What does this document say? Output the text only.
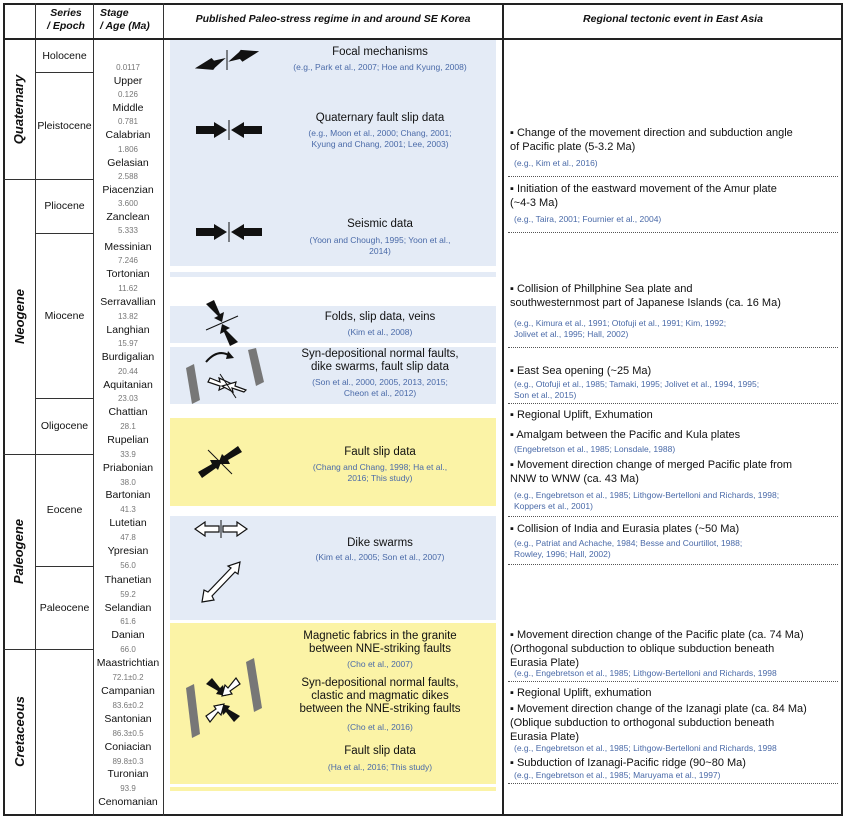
Series
/ Epoch
Stage
/ Age (Ma)
Published Paleo-stress regime in and around SE Korea	Regional tectonic event in East Asia
Quaternary
Neogene
Paleogene
Cretaceous
Holocene
Pleistocene
Pliocene
Miocene
Oligocene
Eocene
Paleocene
Upper
Middle
Calabrian
Gelasian
Piacenzian
Zanclean
Messinian
Tortonian
Serravallian
Langhian
Burdigalian
Aquitanian
Chattian
Rupelian
Priabonian
Bartonian
Lutetian
Ypresian
Thanetian
Selandian
Danian
Maastrichtian
Campanian
Santonian
Coniacian
Turonian
Cenomanian
0.0117
0.126
0.781
1.806
2.588
3.600
5.333
7.246
11.62
13.82
15.97
20.44
23.03
28.1
33.9
38.0
41.3
47.8
56.0
59.2
61.6
66.0
72.1±0.2
83.6±0.2
86.3±0.5
89.8±0.3
93.9
Focal mechanisms
(e.g., Park et al., 2007; Hoe and Kyung, 2008)
Quaternary fault slip data
(e.g., Moon et al., 2000; Chang, 2001;
Kyung and Chang, 2001; Lee, 2003)
Seismic data
(Yoon and Chough, 1995; Yoon et al.,
2014)
Folds, slip data, veins
(Kim et al., 2008)
Syn-depositional normal faults,
dike swarms, fault slip data
(Son et al., 2000, 2005, 2013, 2015;
Cheon et al., 2012)
Fault slip data
(Chang and Chang, 1998; Ha et al.,
2016; This study)
Dike swarms
(Kim et al., 2005; Son et al., 2007)
Magnetic fabrics in the granite
between NNE-striking faults
(Cho et al., 2007)
Syn-depositional normal faults,
clastic and magmatic dikes
between the NNE-striking faults
(Cho et al., 2016)
Fault slip data
(Ha et al., 2016; This study)
▪ Change of the movement direction and subduction angle
of Pacific plate (5-3.2 Ma)
(e.g., Kim et al., 2016)
▪ Initiation of the eastward movement of the Amur plate
(~4-3 Ma)
(e.g., Taira, 2001; Fournier et al., 2004)
▪ Collision of Phillphine Sea plate and
southwesternmost part of Japanese Islands (ca. 16 Ma)
(e.g., Kimura et al., 1991; Otofuji et al., 1991; Kim, 1992;
Jolivet et al., 1995; Hall, 2002)
▪ East Sea opening (~25 Ma)
(e.g., Otofuji et al., 1985; Tamaki, 1995; Jolivet et al., 1994, 1995;
Son et al., 2015)
▪ Regional Uplift, Exhumation
▪ Amalgam between the Pacific and Kula plates
(Engebretson et al., 1985; Lonsdale, 1988)
▪ Movement direction change of merged Pacific plate from
NNW to WNW (ca. 43 Ma)
(e.g., Engebretson et al., 1985; Lithgow-Bertelloni and Richards, 1998;
Koppers et al., 2001)
▪ Collision of India and Eurasia plates (~50 Ma)
(e.g., Patriat and Achache, 1984; Besse and Courtillot, 1988;
Rowley, 1996; Hall, 2002)
▪ Movement direction change of the Pacific plate (ca. 74 Ma)
(Orthogonal subduction to oblique subduction beneath
Eurasia Plate)
(e.g., Engebretson et al., 1985; Lithgow-Bertelloni and Richards, 1998
▪ Regional Uplift, exhumation
▪ Movement direction change of the Izanagi plate (ca. 84 Ma)
(Oblique subduction to orthogonal subduction beneath
Eurasia Plate)
(e.g., Engebretson et al., 1985; Lithgow-Bertelloni and Richards, 1998
▪ Subduction of Izanagi-Pacific ridge (90~80 Ma)
(e.g., Engebretson et al., 1985; Maruyama et al., 1997)
